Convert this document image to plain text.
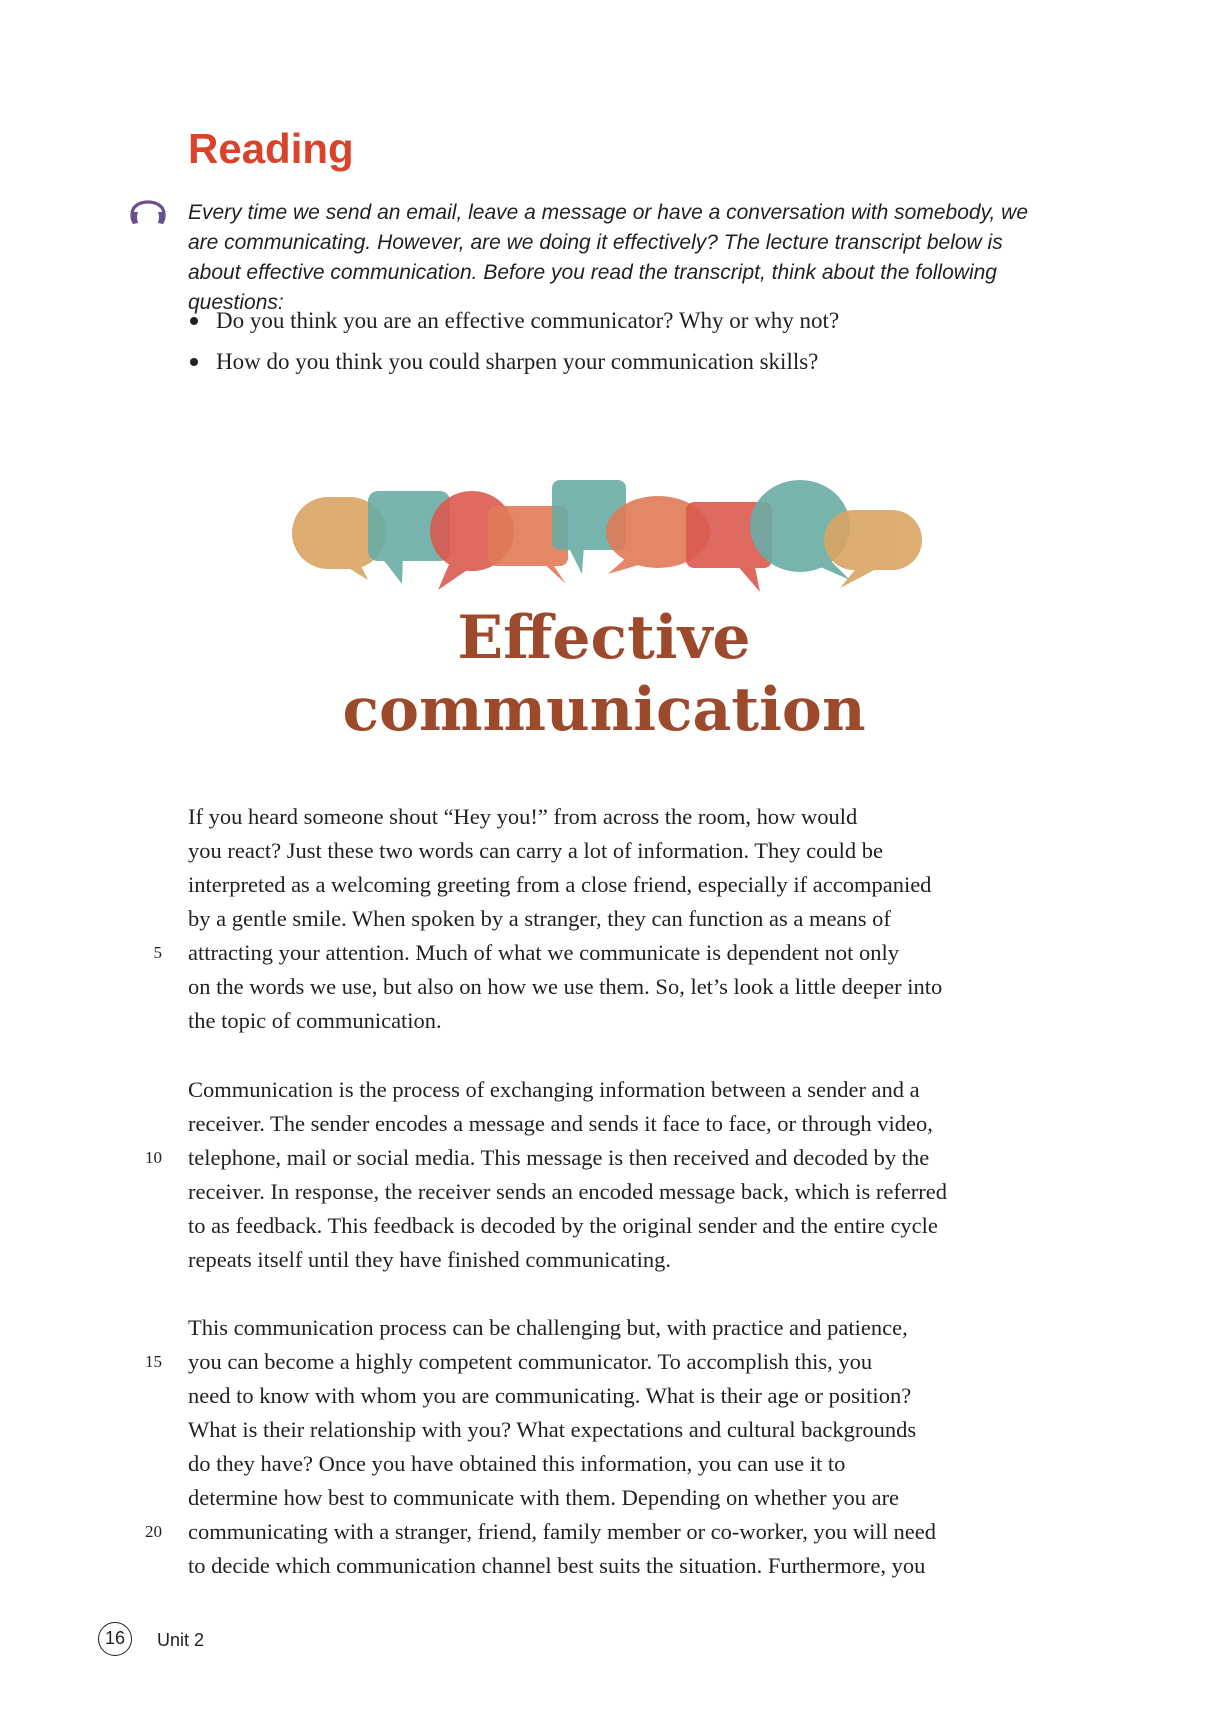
Reading

Every time we send an email, leave a message or have a conversation with somebody, we are communicating. However, are we doing it effectively? The lecture transcript below is about effective communication. Before you read the transcript, think about the following questions:

Do you think you are an effective communicator? Why or why not?
How do you think you could sharpen your communication skills?
Effective
communication

If you heard someone shout “Hey you!” from across the room, how would
you react? Just these two words can carry a lot of information. They could be
interpreted as a welcoming greeting from a close friend, especially if accompanied
by a gentle smile. When spoken by a stranger, they can function as a means of
attracting your attention. Much of what we communicate is dependent not only
on the words we use, but also on how we use them. So, let’s look a little deeper into
the topic of communication.

Communication is the process of exchanging information between a sender and a
receiver. The sender encodes a message and sends it face to face, or through video,
telephone, mail or social media. This message is then received and decoded by the
receiver. In response, the receiver sends an encoded message back, which is referred
to as feedback. This feedback is decoded by the original sender and the entire cycle
repeats itself until they have finished communicating.

This communication process can be challenging but, with practice and patience,
you can become a highly competent communicator. To accomplish this, you
need to know with whom you are communicating. What is their age or position?
What is their relationship with you? What expectations and cultural backgrounds
do they have? Once you have obtained this information, you can use it to
determine how best to communicate with them. Depending on whether you are
communicating with a stranger, friend, family member or co-worker, you will need
to decide which communication channel best suits the situation. Furthermore, you

5
10
15
20
16	Unit 2
